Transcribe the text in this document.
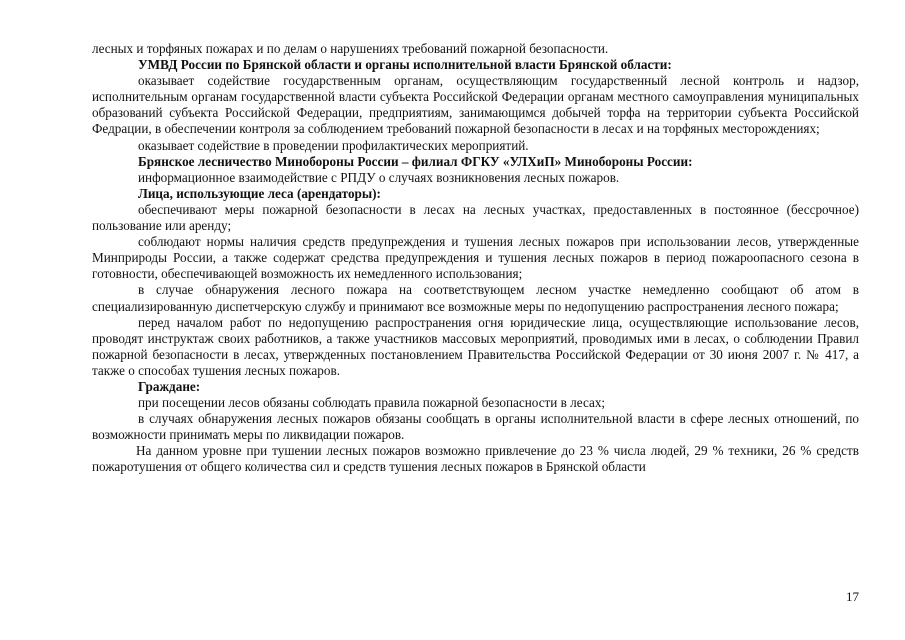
лесных и торфяных пожарах и по делам о нарушениях требований пожарной безопасности.

УМВД России по Брянской области и органы исполнительной власти Брянской области:

оказывает содействие государственным органам, осуществляющим государственный лесной контроль и надзор, исполнительным органам государственной власти субъекта Российской Федерации органам местного самоуправления муниципальных образований субъекта Российской Федерации, предприятиям, занимающимся добычей торфа на территории субъекта Российской Федрации, в обеспечении контроля за соблюдением требований пожарной безопасности в лесах и на торфяных месторождениях;

оказывает содействие в проведении профилактических мероприятий.

Брянское лесничество Минобороны России – филиал ФГКУ «УЛХиП» Минобороны России:

информационное взаимодействие с РПДУ о случаях возникновения лесных пожаров.

Лица, использующие леса (арендаторы):

обеспечивают меры пожарной безопасности в лесах на лесных участках, предоставленных в постоянное (бессрочное) пользование или аренду;

соблюдают нормы наличия средств предупреждения и тушения лесных пожаров при использовании лесов, утвержденные Минприроды России, а также содержат средства предупреждения и тушения лесных пожаров в период пожароопасного сезона в готовности, обеспечивающей возможность их немедленного использования;

в случае обнаружения лесного пожара на соответствующем лесном участке немедленно сообщают об атом в специализированную диспетчерскую службу и принимают все возможные меры по недопущению распространения лесного пожара;

перед началом работ по недопущению распространения огня юридические лица, осуществляющие использование лесов, проводят инструктаж своих работников, а также участников массовых мероприятий, проводимых ими в лесах, о соблюдении Правил пожарной безопасности в лесах, утвержденных постановлением Правительства Российской Федерации от 30 июня 2007 г. № 417, а также о способах тушения лесных пожаров.

Граждане:

при посещении лесов обязаны соблюдать правила пожарной безопасности в лесах;

в случаях обнаружения лесных пожаров обязаны сообщать в органы исполнительной власти в сфере лесных отношений, по возможности принимать меры по ликвидации пожаров.

На данном уровне при тушении лесных пожаров возможно привлечение до 23 % числа людей, 29 % техники, 26 % средств пожаротушения от общего количества сил и средств тушения лесных пожаров в Брянской области

17
